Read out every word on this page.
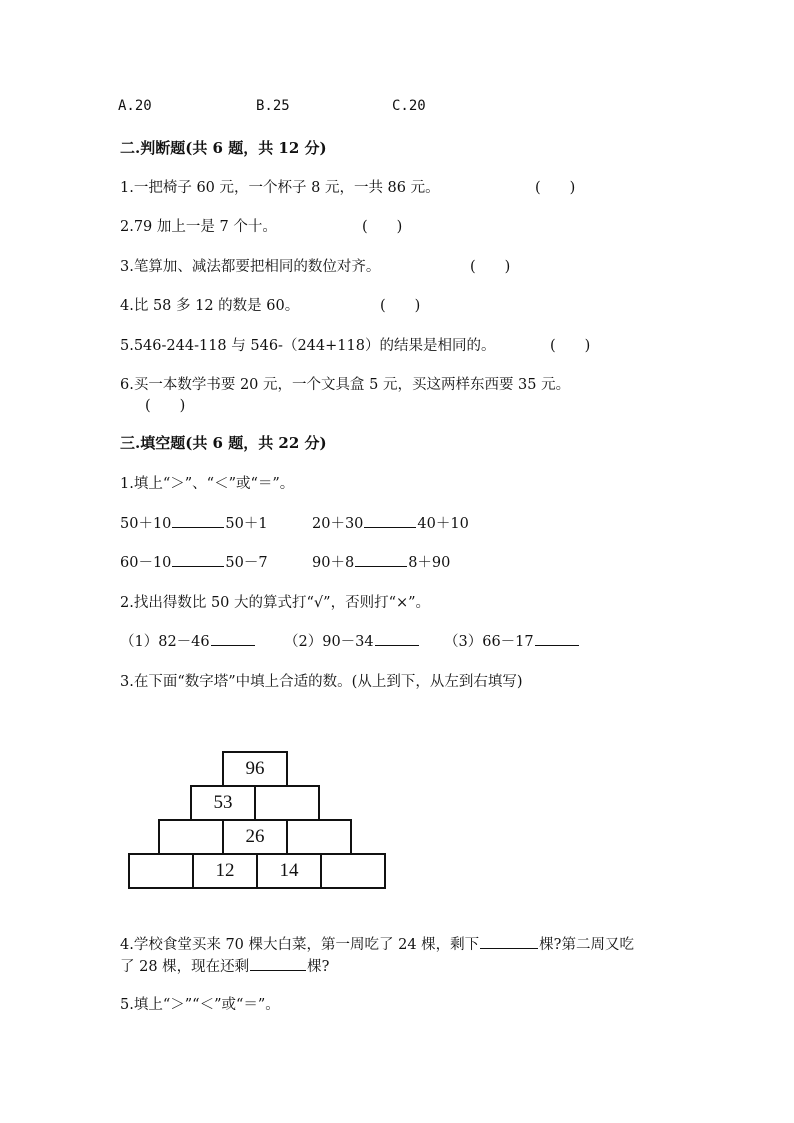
A.20	B.25	C.20
二.判断题(共 6 题，共 12 分)
1.一把椅子 60 元，一个杯子 8 元，一共 86 元。	(　　)
2.79 加上一是 7 个十。	(　　)
3.笔算加、减法都要把相同的数位对齐。	(　　)
4.比 58 多 12 的数是 60。	(　　)
5.546-244-118 与 546-（244+118）的结果是相同的。	(　　)
6.买一本数学书要 20 元，一个文具盒 5 元，买这两样东西要 35 元。
(　　)
三.填空题(共 6 题，共 22 分)
1.填上“＞”、“＜”或“＝”。
50＋10	50＋1	20＋30	40＋10
60－10	50－7	90＋8	8＋90
2.找出得数比 50 大的算式打“√”，否则打“×”。
（1）82－46	（2）90－34	（3）66－17
3.在下面“数字塔”中填上合适的数。(从上到下，从左到右填写)
96
53
26
12	14
4.学校食堂买来 70 棵大白菜，第一周吃了 24 棵，剩下	棵?第二周又吃
了 28 棵，现在还剩	棵?
5.填上“＞”“＜”或“＝”。
